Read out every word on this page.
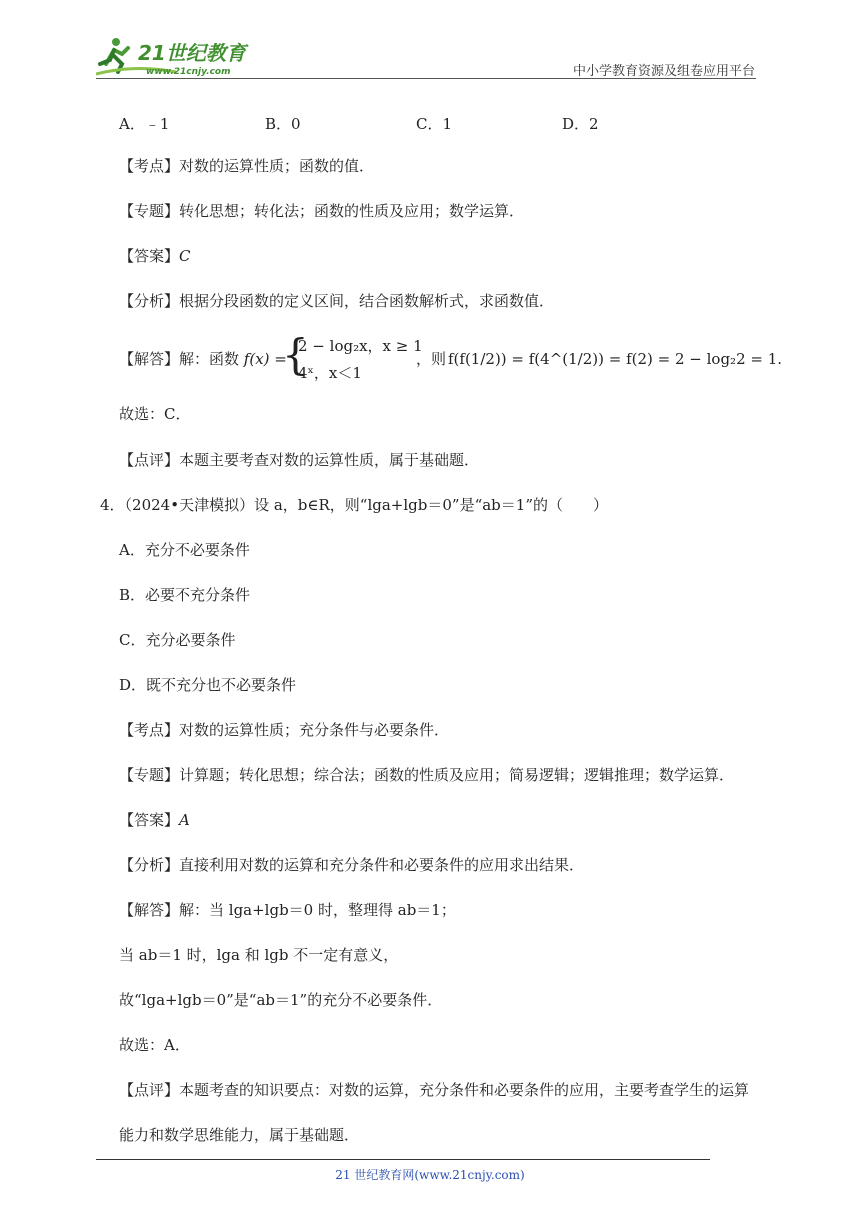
21世纪教育
www.21cnjy.com	中小学教育资源及组卷应用平台
A．﹣1	B．0	C．1	D．2
【考点】对数的运算性质；函数的值．
【专题】转化思想；转化法；函数的性质及应用；数学运算．
【答案】C
【分析】根据分段函数的定义区间，结合函数解析式，求函数值．
【解答】解：函数 f(x) =
{
2 − log₂x，x ≥ 1
4ˣ，x＜1
，则 f(f(1/2)) = f(4^(1/2)) = f(2) = 2 − log₂2 = 1.
故选：C．
【点评】本题主要考查对数的运算性质，属于基础题．
4．（2024•天津模拟）设 a，b∈R，则“lga+lgb＝0”是“ab＝1”的（　　）
A．充分不必要条件
B．必要不充分条件
C．充分必要条件
D．既不充分也不必要条件
【考点】对数的运算性质；充分条件与必要条件．
【专题】计算题；转化思想；综合法；函数的性质及应用；简易逻辑；逻辑推理；数学运算．
【答案】A
【分析】直接利用对数的运算和充分条件和必要条件的应用求出结果．
【解答】解：当 lga+lgb＝0 时，整理得 ab＝1；
当 ab＝1 时，lga 和 lgb 不一定有意义，
故“lga+lgb＝0”是“ab＝1”的充分不必要条件．
故选：A．
【点评】本题考查的知识要点：对数的运算，充分条件和必要条件的应用，主要考查学生的运算
能力和数学思维能力，属于基础题．
21 世纪教育网(www.21cnjy.com)
